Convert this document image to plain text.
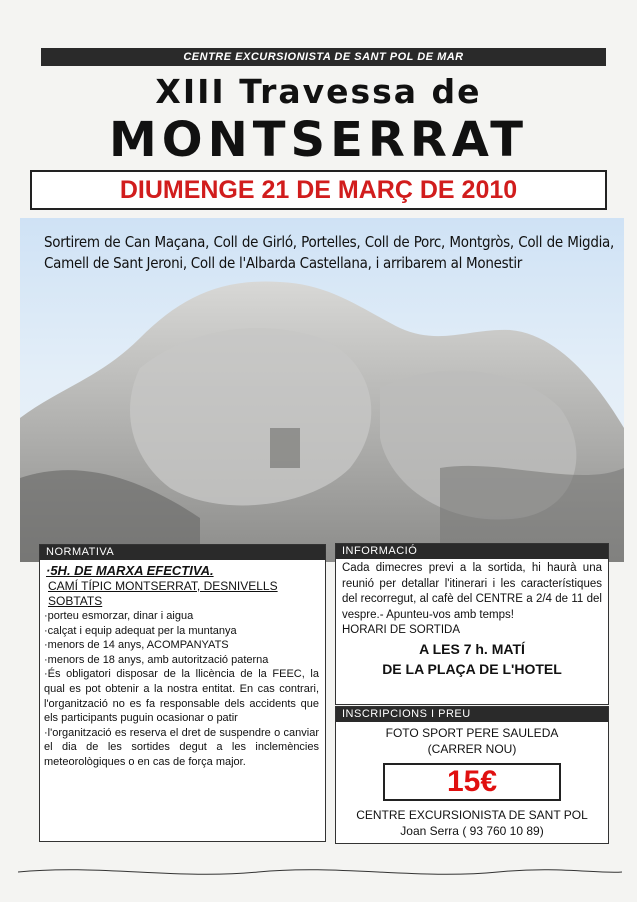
CENTRE EXCURSIONISTA DE SANT POL DE MAR
XIII Travessa de
MONTSERRAT
DIUMENGE 21 DE MARÇ DE 2010
Sortirem de Can Maçana, Coll de Girló, Portelles, Coll de Porc, Montgròs, Coll de Migdia, Camell de Sant Jeroni, Coll de l'Albarda Castellana, i arribarem al Monestir
NORMATIVA
·5H. DE MARXA EFECTIVA.
CAMÍ TÍPIC MONTSERRAT, DESNIVELLS SOBTATS
·porteu esmorzar, dinar i aigua
·calçat i equip adequat per la muntanya
·menors de 14 anys, ACOMPANYATS
·menors de 18 anys, amb autorització paterna
·És obligatori disposar de la llicència de la FEEC, la qual es pot obtenir a la nostra entitat. En cas contrari, l'organització no es fa responsable dels accidents que els participants puguin ocasionar o patir
·l'organització es reserva el dret de suspendre o canviar el dia de les sortides degut a les inclemències meteorològiques o en cas de força major.
INFORMACIÓ
Cada dimecres previ a la sortida, hi haurà una reunió per detallar l'itinerari i les característiques del recorregut, al cafè del CENTRE a 2/4 de 11 del vespre.- Apunteu-vos amb temps!
HORARI DE SORTIDA
A LES 7 h. MATÍ
DE LA PLAÇA DE L'HOTEL
INSCRIPCIONS I PREU
FOTO SPORT PERE SAULEDA
(CARRER NOU)
15€
CENTRE EXCURSIONISTA DE SANT POL
Joan Serra ( 93 760 10 89)
